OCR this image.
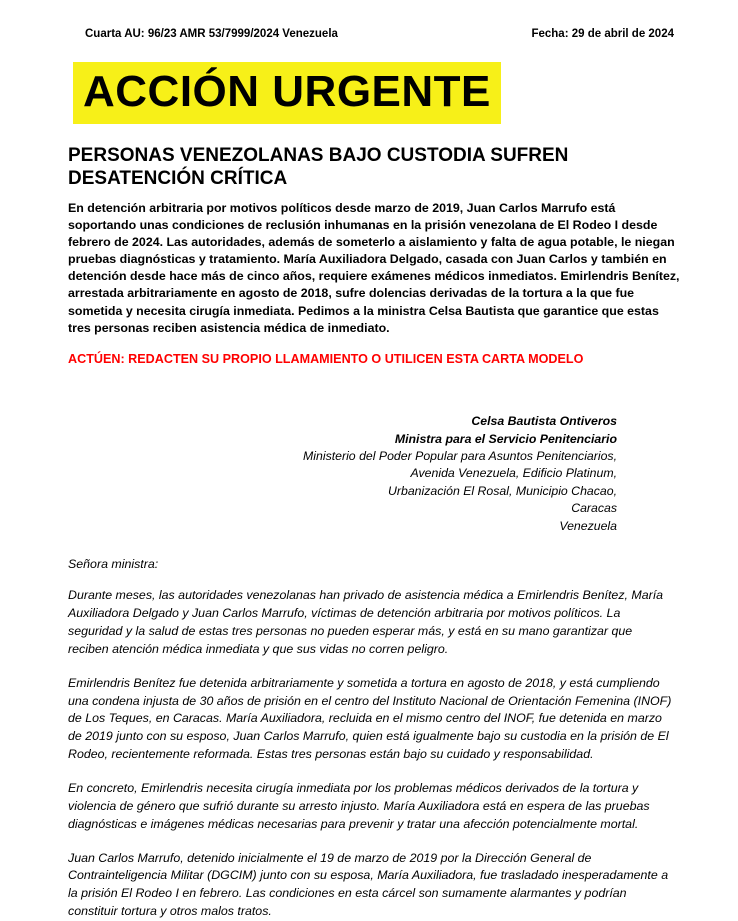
Cuarta AU: 96/23 AMR 53/7999/2024 Venezuela	Fecha: 29 de abril de 2024
ACCIÓN URGENTE
PERSONAS VENEZOLANAS BAJO CUSTODIA SUFREN DESATENCIÓN CRÍTICA

En detención arbitraria por motivos políticos desde marzo de 2019, Juan Carlos Marrufo está soportando unas condiciones de reclusión inhumanas en la prisión venezolana de El Rodeo I desde febrero de 2024. Las autoridades, además de someterlo a aislamiento y falta de agua potable, le niegan pruebas diagnósticas y tratamiento. María Auxiliadora Delgado, casada con Juan Carlos y también en detención desde hace más de cinco años, requiere exámenes médicos inmediatos. Emirlendris Benítez, arrestada arbitrariamente en agosto de 2018, sufre dolencias derivadas de la tortura a la que fue sometida y necesita cirugía inmediata. Pedimos a la ministra Celsa Bautista que garantice que estas tres personas reciben asistencia médica de inmediato.

ACTÚEN: REDACTEN SU PROPIO LLAMAMIENTO O UTILICEN ESTA CARTA MODELO

Celsa Bautista Ontiveros
Ministra para el Servicio Penitenciario
Ministerio del Poder Popular para Asuntos Penitenciarios,
Avenida Venezuela, Edificio Platinum,
Urbanización El Rosal, Municipio Chacao,
Caracas
Venezuela
Señora ministra:

Durante meses, las autoridades venezolanas han privado de asistencia médica a Emirlendris Benítez, María Auxiliadora Delgado y Juan Carlos Marrufo, víctimas de detención arbitraria por motivos políticos. La seguridad y la salud de estas tres personas no pueden esperar más, y está en su mano garantizar que reciben atención médica inmediata y que sus vidas no corren peligro.

Emirlendris Benítez fue detenida arbitrariamente y sometida a tortura en agosto de 2018, y está cumpliendo una condena injusta de 30 años de prisión en el centro del Instituto Nacional de Orientación Femenina (INOF) de Los Teques, en Caracas. María Auxiliadora, recluida en el mismo centro del INOF, fue detenida en marzo de 2019 junto con su esposo, Juan Carlos Marrufo, quien está igualmente bajo su custodia en la prisión de El Rodeo, recientemente reformada. Estas tres personas están bajo su cuidado y responsabilidad.

En concreto, Emirlendris necesita cirugía inmediata por los problemas médicos derivados de la tortura y violencia de género que sufrió durante su arresto injusto. María Auxiliadora está en espera de las pruebas diagnósticas e imágenes médicas necesarias para prevenir y tratar una afección potencialmente mortal.

Juan Carlos Marrufo, detenido inicialmente el 19 de marzo de 2019 por la Dirección General de Contrainteligencia Militar (DGCIM) junto con su esposa, María Auxiliadora, fue trasladado inesperadamente a la prisión El Rodeo I en febrero. Las condiciones en esta cárcel son sumamente alarmantes y podrían constituir tortura y otros malos tratos.
